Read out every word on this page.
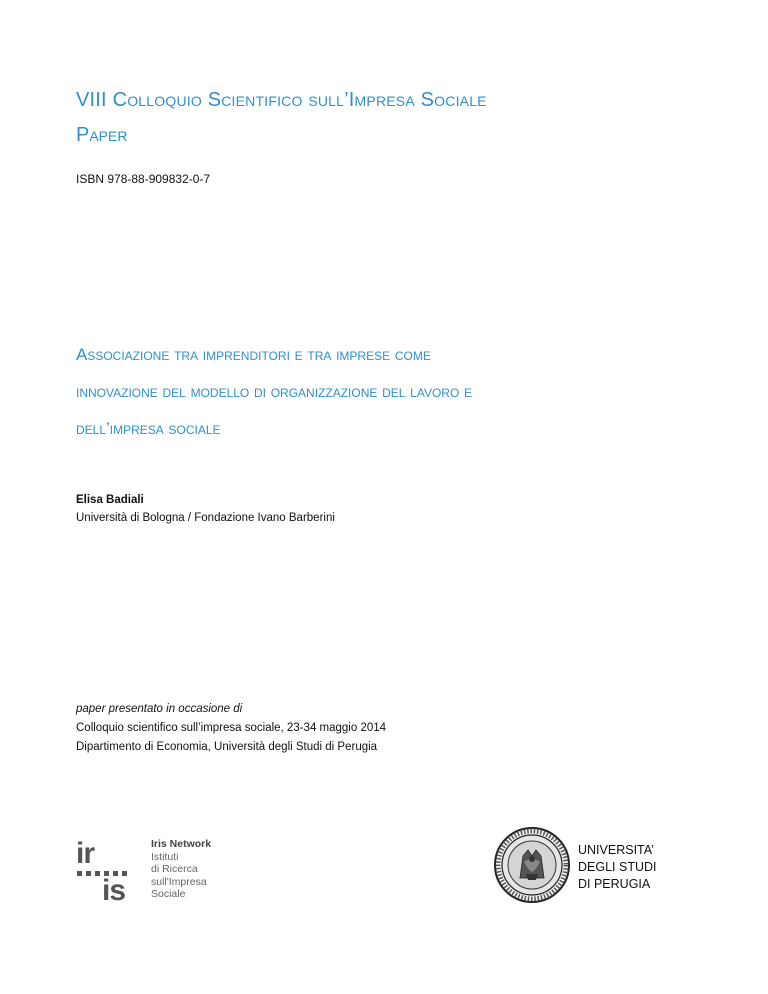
VIII Colloquio Scientifico sull’Impresa Sociale
Paper
ISBN 978-88-909832-0-7
Associazione tra imprenditori e tra imprese come
innovazione del modello di organizzazione del lavoro e
dell’impresa sociale
Elisa Badiali
Università di Bologna / Fondazione Ivano Barberini
paper presentato in occasione di
Colloquio scientifico sull’impresa sociale, 23-34 maggio 2014
Dipartimento di Economia, Università degli Studi di Perugia
ir
is
Iris Network
Istituti
di Ricerca
sull'Impresa
Sociale
UNIVERSITA’
DEGLI STUDI
DI PERUGIA
